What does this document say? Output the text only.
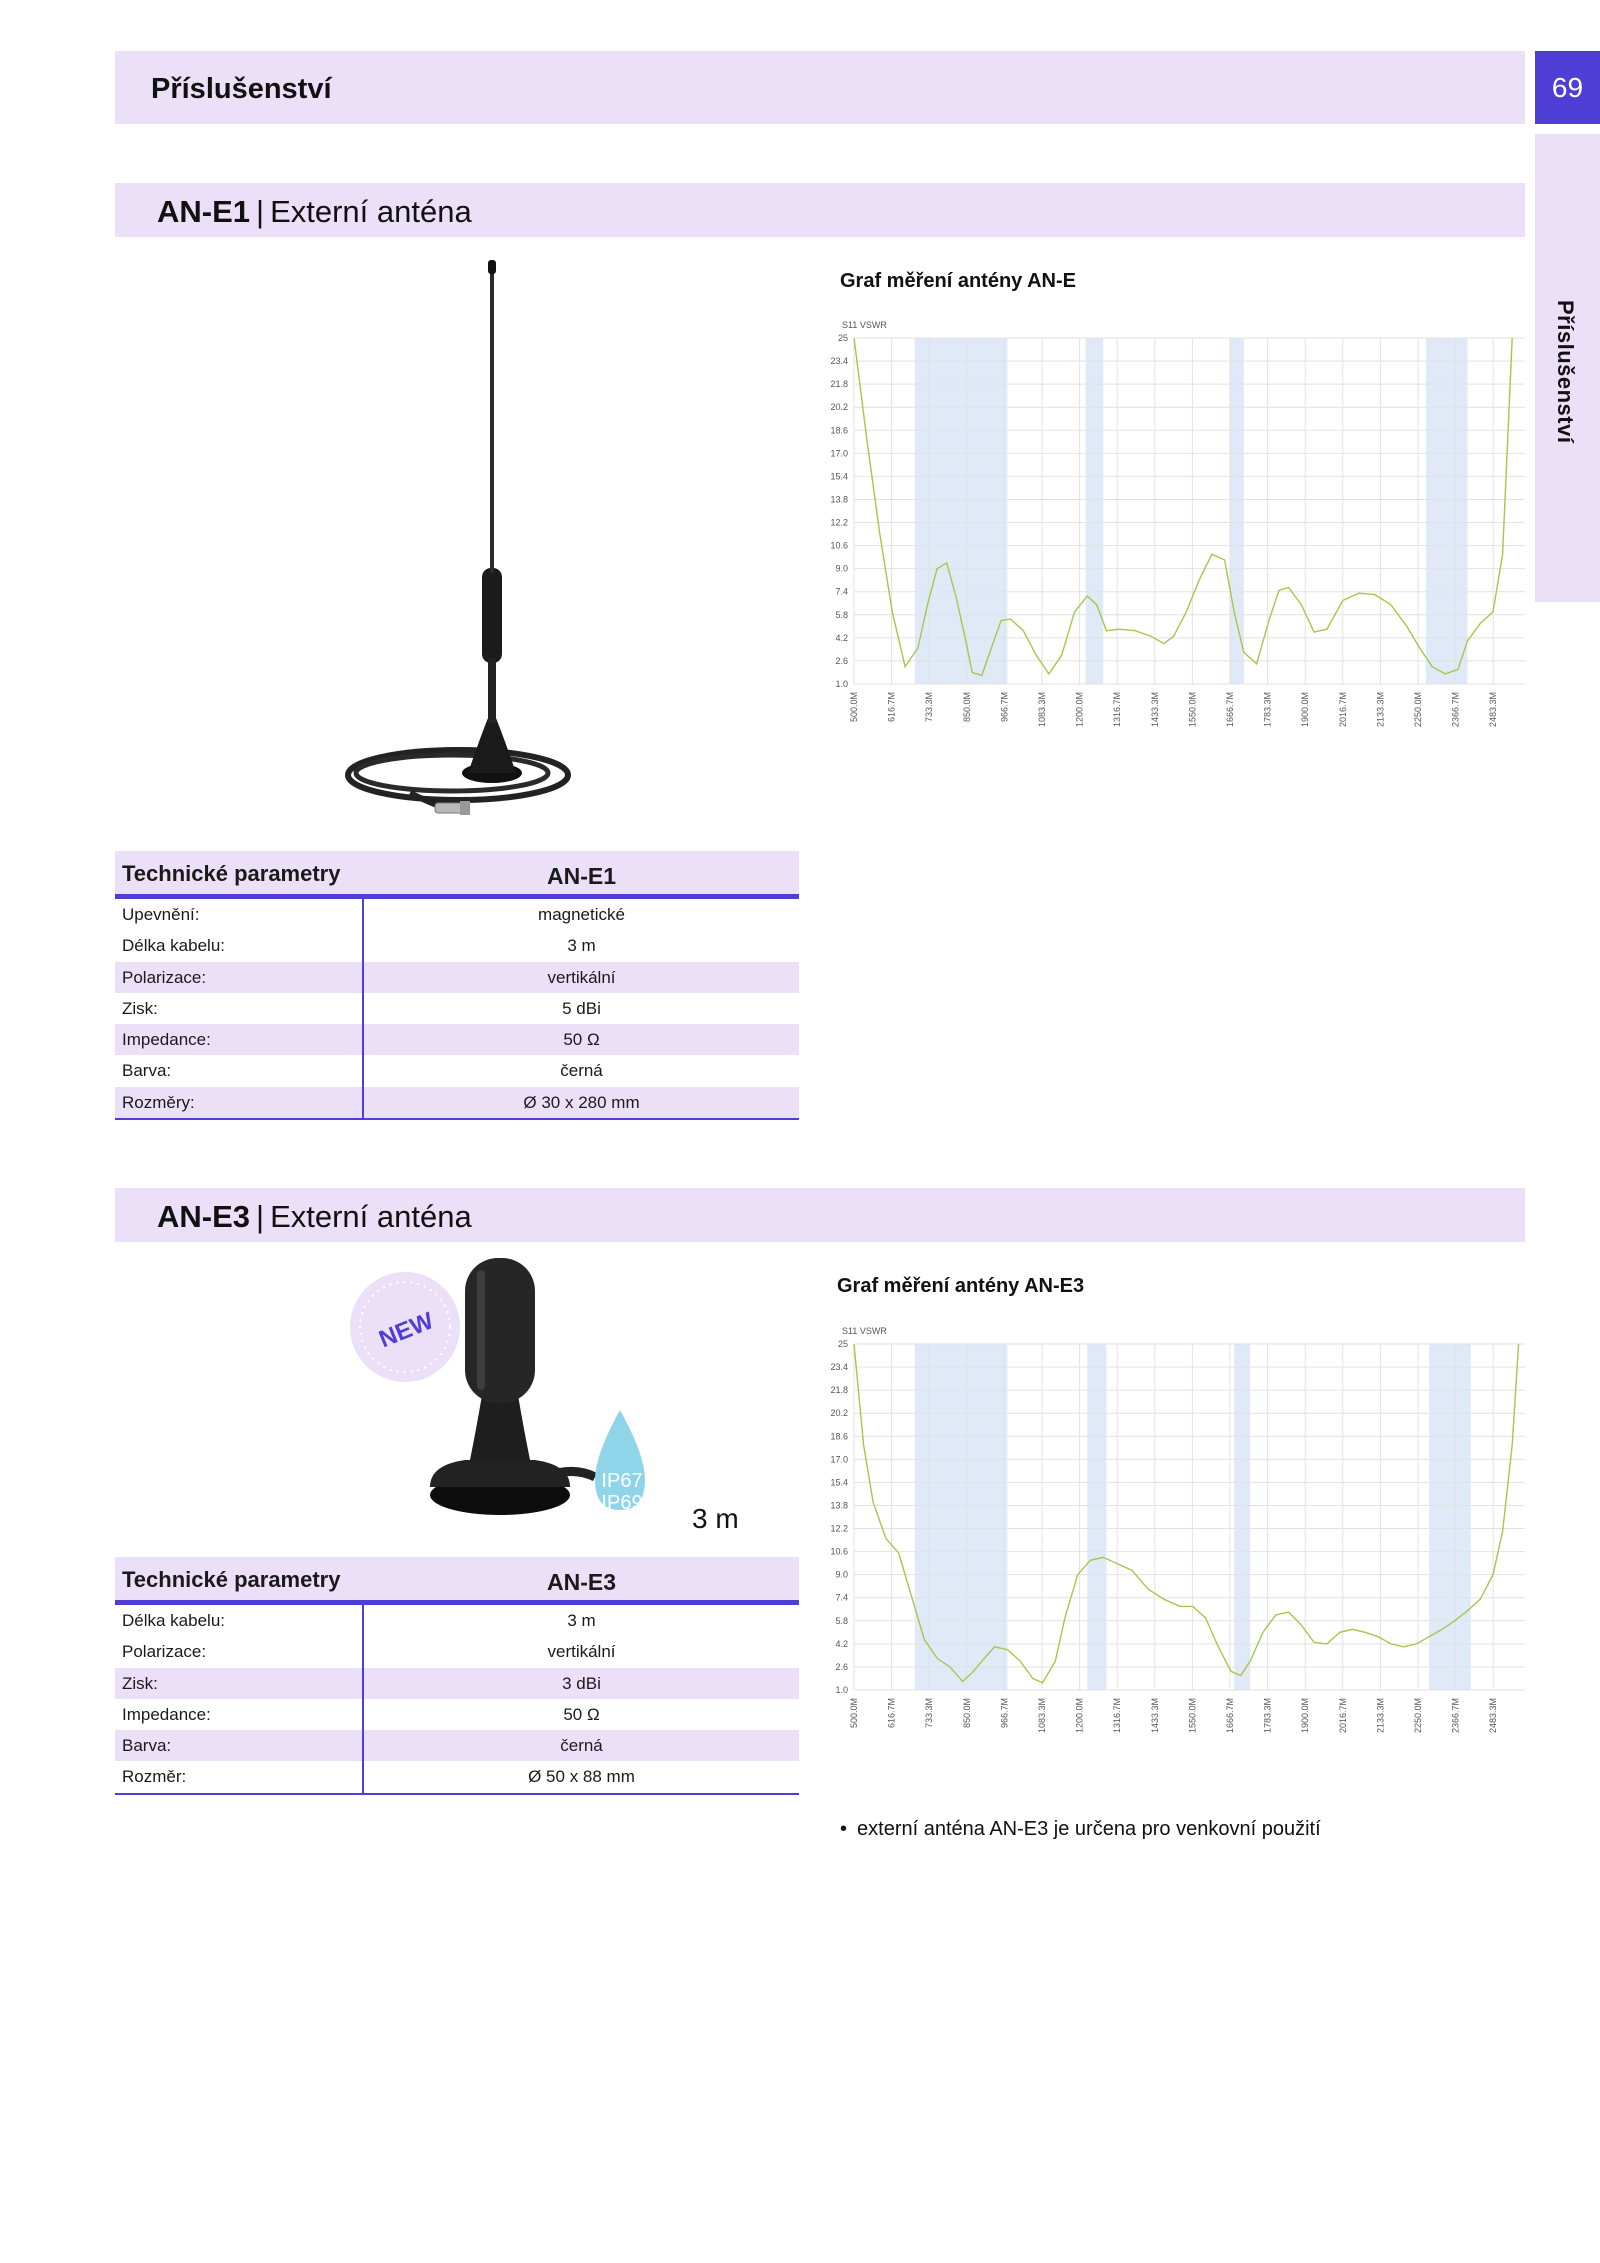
Příslušenství	69
Příslušenství
AN-E1 | Externí anténa
Graf měření antény AN-E
25
23.4
21.8
20.2
18.6
17.0
15.4
13.8
12.2
10.6
9.0
7.4
5.8
4.2
2.6
1.0
500.0M	616.7M	733.3M	850.0M	966.7M	1083.3M	1200.0M	1316.7M	1433.3M	1550.0M	1666.7M	1783.3M	1900.0M	2016.7M	2133.3M	2250.0M	2366.7M	2483.3M
S11 VSWR
Technické parametry	AN-E1
Upevnění:	magnetické
Délka kabelu:	3 m
Polarizace:	vertikální
Zisk:	5 dBi
Impedance:	50 Ω
Barva:	černá
Rozměry:	Ø 30 x 280 mm
AN-E3 | Externí anténa
NEW
IP67
IP69 3 m
Graf měření antény AN-E3
25
23.4
21.8
20.2
18.6
17.0
15.4
13.8
12.2
10.6
9.0
7.4
5.8
4.2
2.6
1.0
500.0M	616.7M	733.3M	850.0M	966.7M	1083.3M	1200.0M	1316.7M	1433.3M	1550.0M	1666.7M	1783.3M	1900.0M	2016.7M	2133.3M	2250.0M	2366.7M	2483.3M
S11 VSWR
Technické parametry	AN-E3
Délka kabelu:	3 m
Polarizace:	vertikální
Zisk:	3 dBi
Impedance:	50 Ω
Barva:	černá
Rozměr:	Ø 50 x 88 mm
• externí anténa AN-E3 je určena pro venkovní použití
